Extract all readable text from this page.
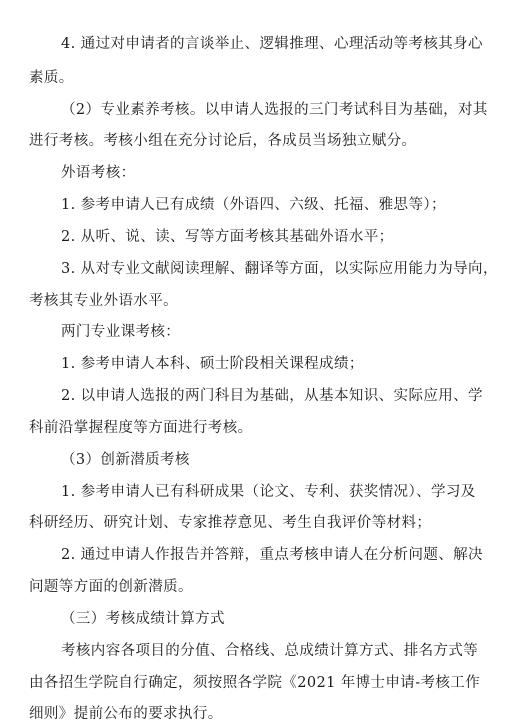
4. 通过对申请者的言谈举止、逻辑推理、心理活动等考核其身心
素质。
（2）专业素养考核。以申请人选报的三门考试科目为基础，对其
进行考核。考核小组在充分讨论后，各成员当场独立赋分。
外语考核：
1. 参考申请人已有成绩（外语四、六级、托福、雅思等）；
2. 从听、说、读、写等方面考核其基础外语水平；
3. 从对专业文献阅读理解、翻译等方面，以实际应用能力为导向，
考核其专业外语水平。
两门专业课考核：
1. 参考申请人本科、硕士阶段相关课程成绩；
2. 以申请人选报的两门科目为基础，从基本知识、实际应用、学
科前沿掌握程度等方面进行考核。
（3）创新潜质考核
1. 参考申请人已有科研成果（论文、专利、获奖情况）、学习及
科研经历、研究计划、专家推荐意见、考生自我评价等材料；
2. 通过申请人作报告并答辩，重点考核申请人在分析问题、解决
问题等方面的创新潜质。
（三）考核成绩计算方式
考核内容各项目的分值、合格线、总成绩计算方式、排名方式等
由各招生学院自行确定，须按照各学院《2021 年博士申请-考核工作
细则》提前公布的要求执行。
